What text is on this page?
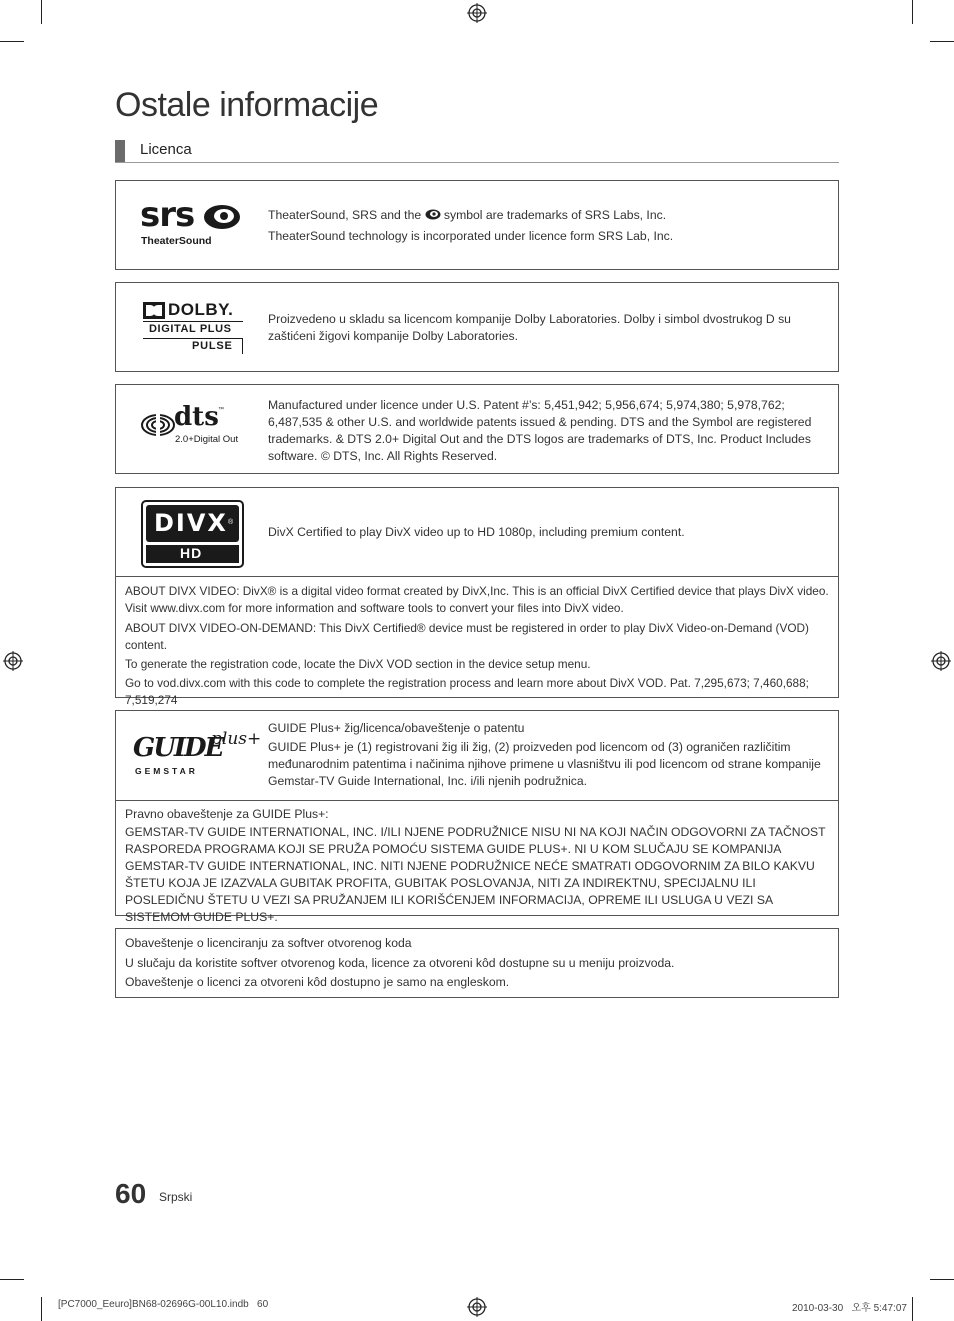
Ostale informacije
Licenca
srs
TheaterSound

TheaterSound, SRS and the symbol are trademarks of SRS Labs, Inc.

TheaterSound technology is incorporated under licence form SRS Lab, Inc.

DOLBY.
DIGITAL PLUS
PULSE
Proizvedeno u skladu sa licencom kompanije Dolby Laboratories. Dolby i simbol dvostrukog D su zaštićeni žigovi kompanije Dolby Laboratories.
dts ™
2.0+Digital Out
Manufactured under licence under U.S. Patent #’s: 5,451,942; 5,956,674; 5,974,380; 5,978,762; 6,487,535 & other U.S. and worldwide patents issued & pending. DTS and the Symbol are registered trademarks. & DTS 2.0+ Digital Out and the DTS logos are trademarks of DTS, Inc. Product Includes software. © DTS, Inc. All Rights Reserved.
DIVX ®
HD
DivX Certified to play DivX video up to HD 1080p, including premium content.

ABOUT DIVX VIDEO: DivX® is a digital video format created by DivX,Inc. This is an official DivX Certified device that plays DivX video. Visit www.divx.com for more information and software tools to convert your files into DivX video.

ABOUT DIVX VIDEO-ON-DEMAND: This DivX Certified® device must be registered in order to play DivX Video-on-Demand (VOD) content.

To generate the registration code, locate the DivX VOD section in the device setup menu.

Go to vod.divx.com with this code to complete the registration process and learn more about DivX VOD. Pat. 7,295,673; 7,460,688; 7,519,274

GUIDE
plus+
GEMSTAR

GUIDE Plus+ žig/licenca/obaveštenje o patentu

GUIDE Plus+ je (1) registrovani žig ili žig, (2) proizveden pod licencom od (3) ograničen različitim međunarodnim patentima i načinima njihove primene u vlasništvu ili pod licencom od strane kompanije Gemstar-TV Guide International, Inc. i/ili njenih podružnica.

Pravno obaveštenje za GUIDE Plus+:

GEMSTAR-TV GUIDE INTERNATIONAL, INC. I/ILI NJENE PODRUŽNICE NISU NI NA KOJI NAČIN ODGOVORNI ZA TAČNOST RASPOREDA PROGRAMA KOJI SE PRUŽA POMOĆU SISTEMA GUIDE PLUS+. NI U KOM SLUČAJU SE KOMPANIJA GEMSTAR-TV GUIDE INTERNATIONAL, INC. NITI NJENE PODRUŽNICE NEĆE SMATRATI ODGOVORNIM ZA BILO KAKVU ŠTETU KOJA JE IZAZVALA GUBITAK PROFITA, GUBITAK POSLOVANJA, NITI ZA INDIREKTNU, SPECIJALNU ILI POSLEDIČNU ŠTETU U VEZI SA PRUŽANJEM ILI KORIŠĆENJEM INFORMACIJA, OPREME ILI USLUGA U VEZI SA SISTEMOM GUIDE PLUS+.

Obaveštenje o licenciranju za softver otvorenog koda

U slučaju da koristite softver otvorenog koda, licence za otvoreni kôd dostupne su u meniju proizvoda.

Obaveštenje o licenci za otvoreni kôd dostupno je samo na engleskom.

60 Srpski
[PC7000_Eeuro]BN68-02696G-00L10.indb   60	2010-03-30   오후 5:47:07
